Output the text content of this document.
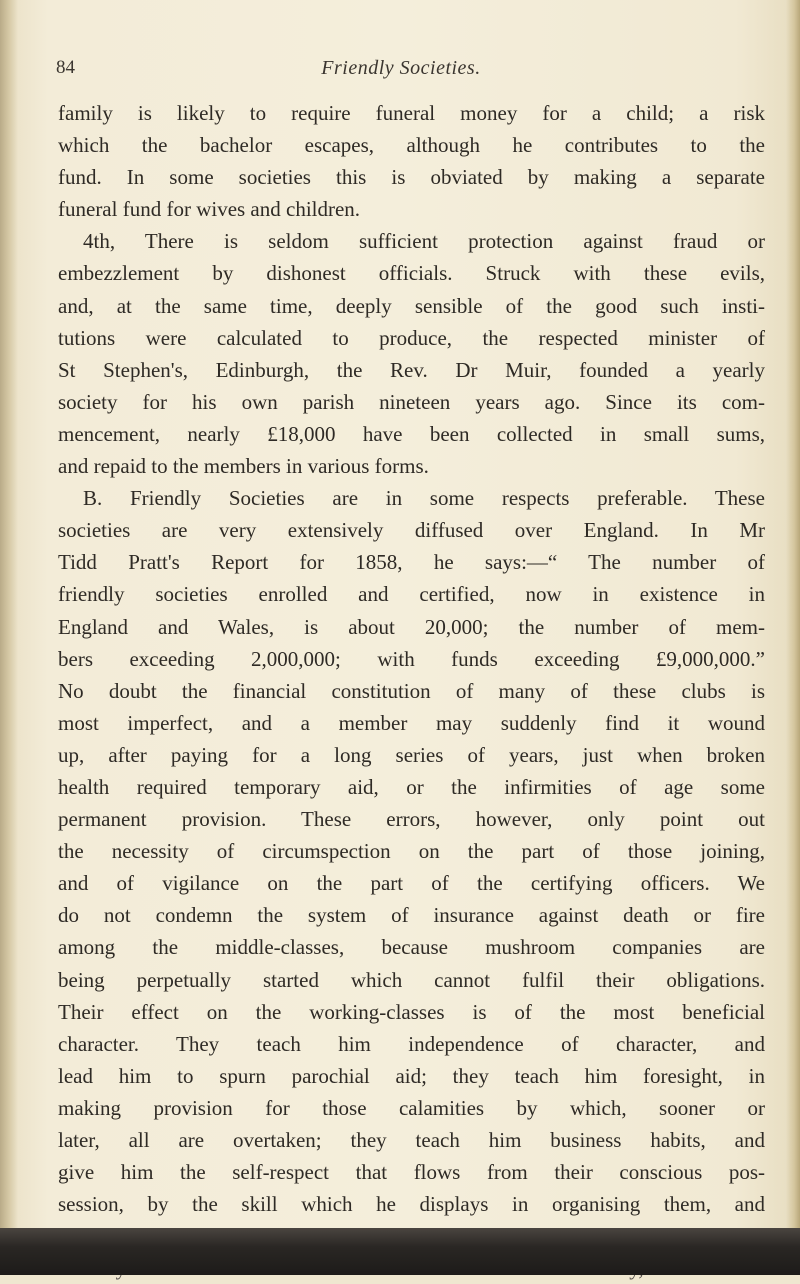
84	Friendly Societies.
family is likely to require funeral money for a child; a risk
which the bachelor escapes, although he contributes to the
fund. In some societies this is obviated by making a separate
funeral fund for wives and children.
4th, There is seldom sufficient protection against fraud or
embezzlement by dishonest officials. Struck with these evils,
and, at the same time, deeply sensible of the good such insti-
tutions were calculated to produce, the respected minister of
St Stephen's, Edinburgh, the Rev. Dr Muir, founded a yearly
society for his own parish nineteen years ago. Since its com-
mencement, nearly £18,000 have been collected in small sums,
and repaid to the members in various forms.
B. Friendly Societies are in some respects preferable. These
societies are very extensively diffused over England. In Mr
Tidd Pratt's Report for 1858, he says:—“ The number of
friendly societies enrolled and certified, now in existence in
England and Wales, is about 20,000; the number of mem-
bers exceeding 2,000,000; with funds exceeding £9,000,000.”
No doubt the financial constitution of many of these clubs is
most imperfect, and a member may suddenly find it wound
up, after paying for a long series of years, just when broken
health required temporary aid, or the infirmities of age some
permanent provision. These errors, however, only point out
the necessity of circumspection on the part of those joining,
and of vigilance on the part of the certifying officers. We
do not condemn the system of insurance against death or fire
among the middle-classes, because mushroom companies are
being perpetually started which cannot fulfil their obligations.
Their effect on the working-classes is of the most beneficial
character. They teach him independence of character, and
lead him to spurn parochial aid; they teach him foresight, in
making provision for those calamities by which, sooner or
later, all are overtaken; they teach him business habits, and
give him the self-respect that flows from their conscious pos-
session, by the skill which he displays in organising them, and
